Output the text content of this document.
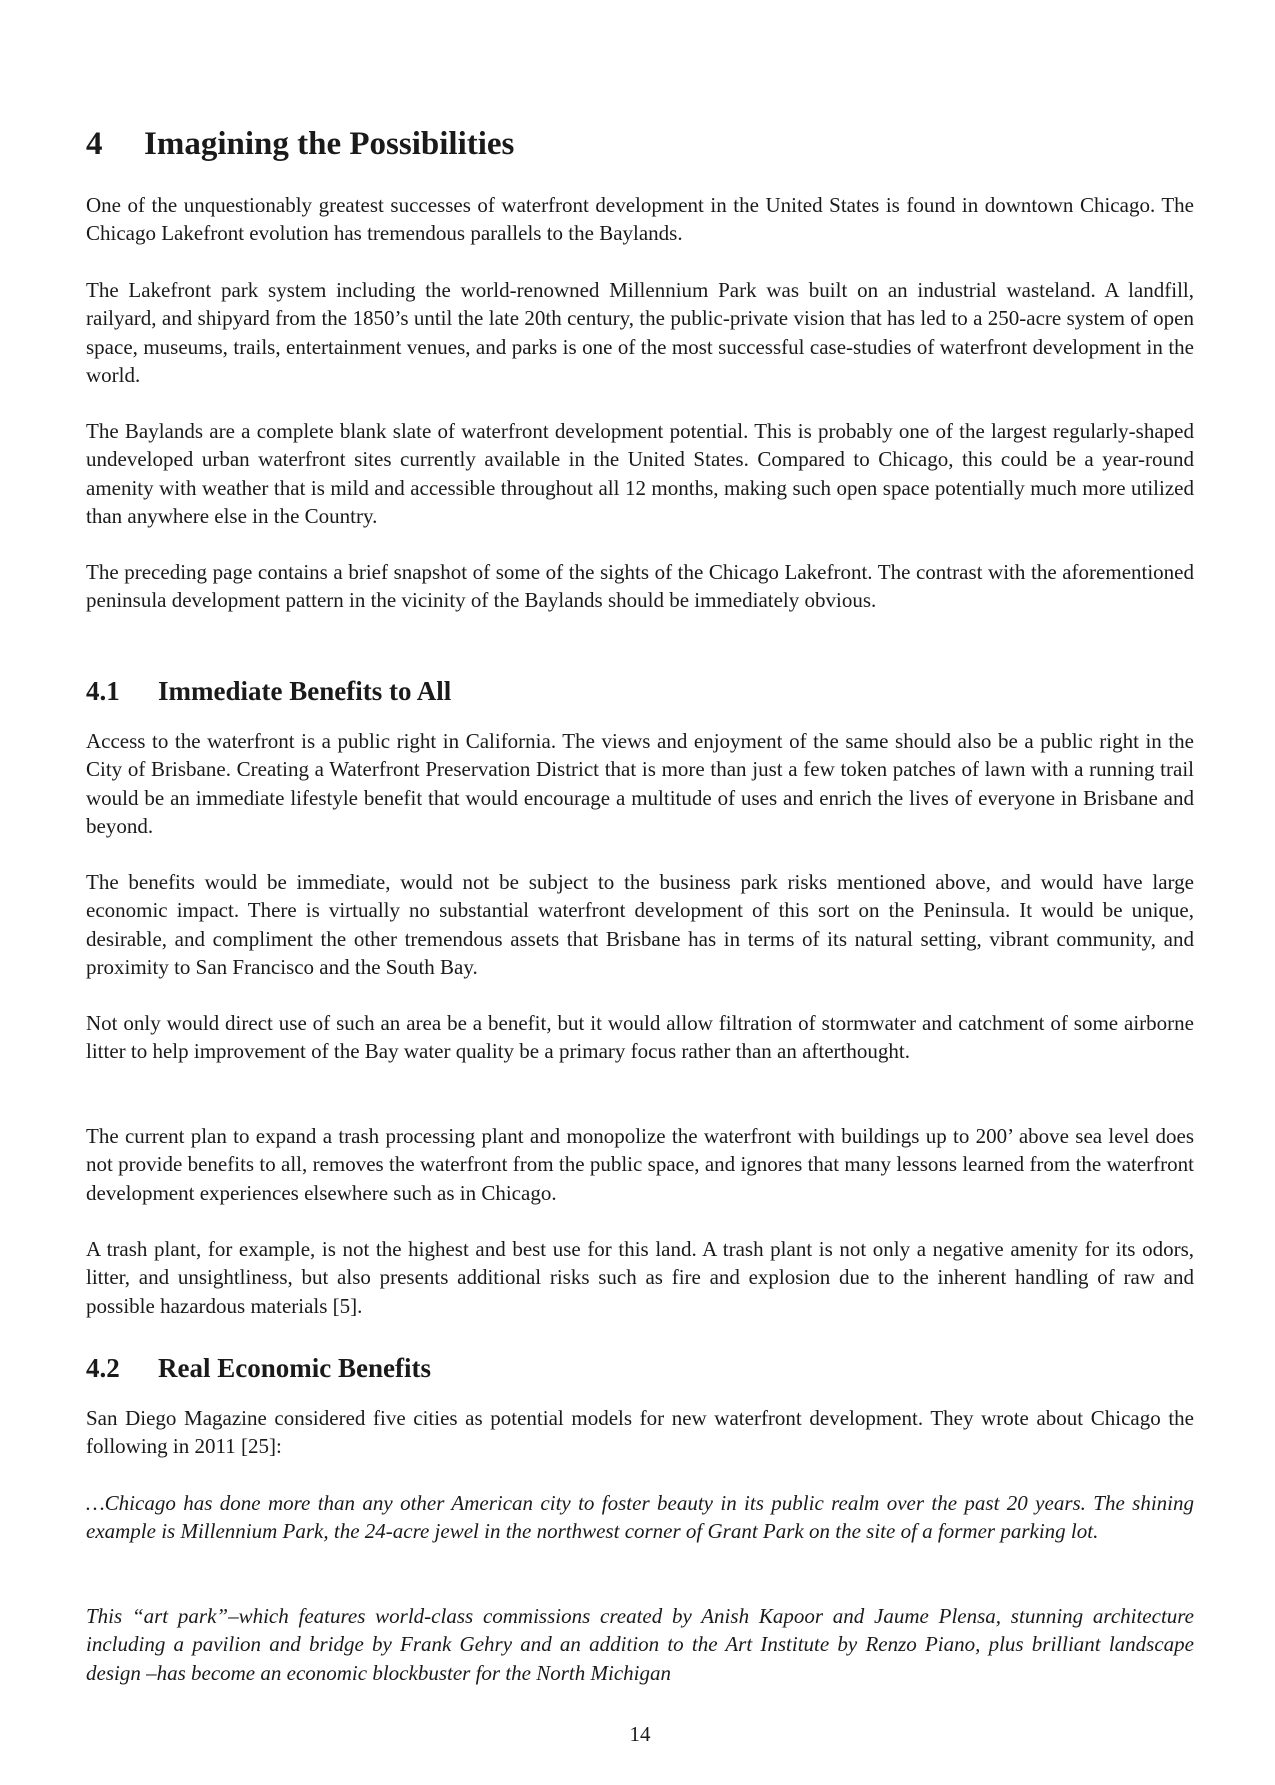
4 Imagining the Possibilities

One of the unquestionably greatest successes of waterfront development in the United States is found in downtown Chicago. The Chicago Lakefront evolution has tremendous parallels to the Baylands.

The Lakefront park system including the world-renowned Millennium Park was built on an industrial wasteland. A landfill, railyard, and shipyard from the 1850’s until the late 20th century, the public-private vision that has led to a 250-acre system of open space, museums, trails, entertainment venues, and parks is one of the most successful case-studies of waterfront development in the world.

The Baylands are a complete blank slate of waterfront development potential. This is probably one of the largest regularly-shaped undeveloped urban waterfront sites currently available in the United States. Compared to Chicago, this could be a year-round amenity with weather that is mild and accessible throughout all 12 months, making such open space potentially much more utilized than anywhere else in the Country.

The preceding page contains a brief snapshot of some of the sights of the Chicago Lakefront. The contrast with the aforementioned peninsula development pattern in the vicinity of the Baylands should be immediately obvious.

4.1 Immediate Benefits to All

Access to the waterfront is a public right in California. The views and enjoyment of the same should also be a public right in the City of Brisbane. Creating a Waterfront Preservation District that is more than just a few token patches of lawn with a running trail would be an immediate lifestyle benefit that would encourage a multitude of uses and enrich the lives of everyone in Brisbane and beyond.

The benefits would be immediate, would not be subject to the business park risks mentioned above, and would have large economic impact. There is virtually no substantial waterfront development of this sort on the Peninsula. It would be unique, desirable, and compliment the other tremendous assets that Brisbane has in terms of its natural setting, vibrant community, and proximity to San Francisco and the South Bay.

Not only would direct use of such an area be a benefit, but it would allow filtration of stormwater and catchment of some airborne litter to help improvement of the Bay water quality be a primary focus rather than an afterthought.

The current plan to expand a trash processing plant and monopolize the waterfront with buildings up to 200’ above sea level does not provide benefits to all, removes the waterfront from the public space, and ignores that many lessons learned from the waterfront development experiences elsewhere such as in Chicago.

A trash plant, for example, is not the highest and best use for this land. A trash plant is not only a negative amenity for its odors, litter, and unsightliness, but also presents additional risks such as fire and explosion due to the inherent handling of raw and possible hazardous materials [5].

4.2 Real Economic Benefits

San Diego Magazine considered five cities as potential models for new waterfront development. They wrote about Chicago the following in 2011 [25]:

…Chicago has done more than any other American city to foster beauty in its public realm over the past 20 years. The shining example is Millennium Park, the 24-acre jewel in the northwest corner of Grant Park on the site of a former parking lot.

This “art park”–which features world-class commissions created by Anish Kapoor and Jaume Plensa, stunning architecture including a pavilion and bridge by Frank Gehry and an addition to the Art Institute by Renzo Piano, plus brilliant landscape design –has become an economic blockbuster for the North Michigan

14
